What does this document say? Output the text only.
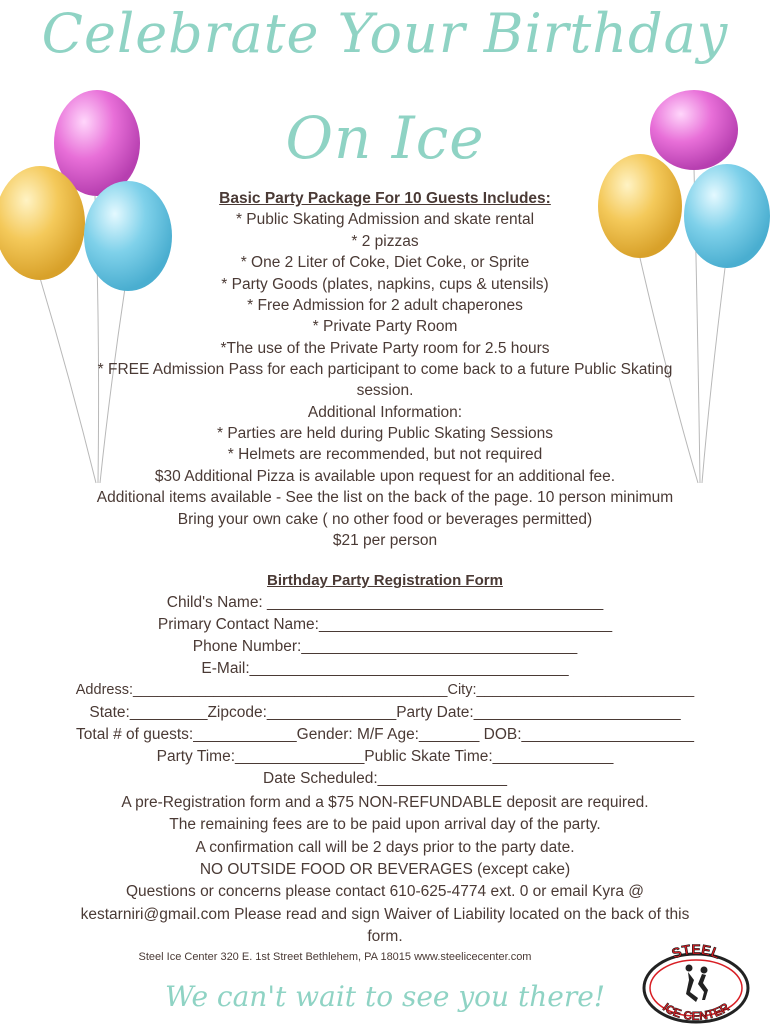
Celebrate Your Birthday
On Ice
Basic Party Package For 10 Guests Includes:
* Public Skating Admission and skate rental
* 2 pizzas
* One 2 Liter of Coke, Diet Coke, or Sprite
* Party Goods (plates, napkins, cups & utensils)
* Free Admission for 2 adult chaperones
* Private Party Room
*The use of the Private Party room for 2.5 hours
* FREE Admission Pass for each participant to come back to a future Public Skating
session.
Additional Information:
* Parties are held during Public Skating Sessions
* Helmets are recommended, but not required
$30 Additional Pizza is available upon request for an additional fee.
Additional items available - See the list on the back of the page. 10 person minimum
Bring your own cake ( no other food or beverages permitted)
$21 per person
Birthday Party Registration Form
Child's Name: _______________________________________
Primary Contact Name:__________________________________
Phone Number:________________________________
E-Mail:_____________________________________
Address:_______________________________________City:___________________________
State:_________Zipcode:_______________Party Date:________________________
Total # of guests:____________Gender: M/F Age:_______ DOB:____________________
Party Time:_______________Public Skate Time:______________
Date Scheduled:_______________
A pre-Registration form and a $75 NON-REFUNDABLE deposit are required.
The remaining fees are to be paid upon arrival day of the party.
A confirmation call will be 2 days prior to the party date.
NO OUTSIDE FOOD OR BEVERAGES (except cake)
Questions or concerns please contact 610-625-4774 ext. 0 or email Kyra @
kestarniri@gmail.com Please read and sign Waiver of Liability located on the back of this
form.
Steel Ice Center 320 E. 1st Street Bethlehem, PA 18015 www.steelicecenter.com
We can't wait to see you there!
STEEL
ICE CENTER
